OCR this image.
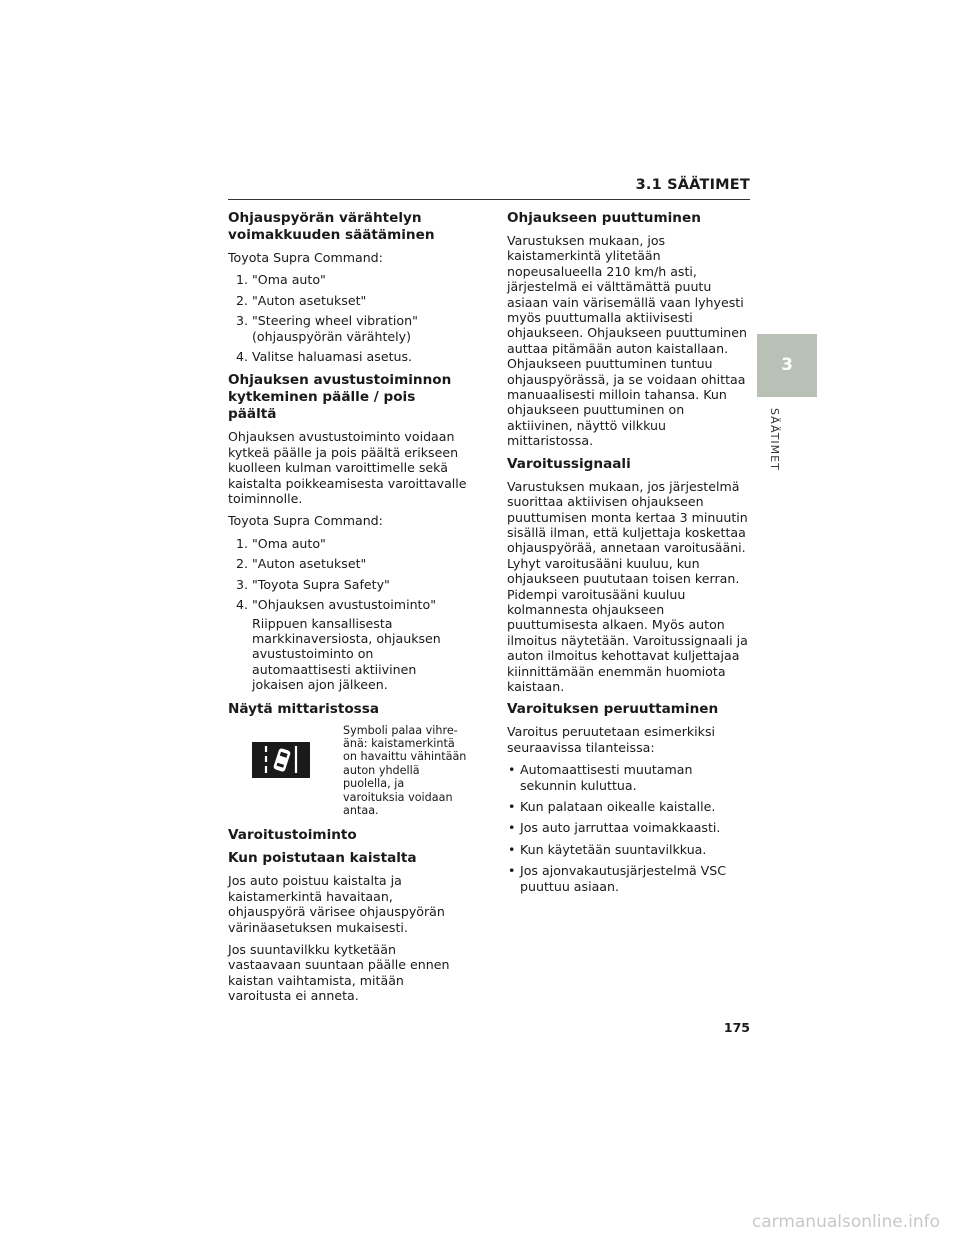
3.1 SÄÄTIMET
Ohjauspyörän värähtelyn voimakkuuden säätäminen

Toyota Supra Command:

1. "Oma auto"
2. "Auton asetukset"
3. "Steering wheel vibration" (ohjauspyörän värähtely)
4. Valitse haluamasi asetus.
Ohjauksen avustustoiminnon kytkeminen päälle / pois päältä

Ohjauksen avustustoiminto voidaan kytkeä päälle ja pois päältä erikseen kuolleen kulman varoittimelle sekä kaistalta poikkeamisesta varoittavalle toiminnolle.

Toyota Supra Command:

1. "Oma auto"
2. "Auton asetukset"
3. "Toyota Supra Safety"
4. "Ohjauksen avustustoiminto"
Riippuen kansallisesta markkinaversiosta, ohjauksen avustustoiminto on automaattisesti aktiivinen jokaisen ajon jälkeen.
Näytä mittaristossa
Symboli palaa vihre-änä: kaistamerkintä on havaittu vähintään auton yhdellä puolella, ja varoituksia voidaan antaa.
Varoitustoiminto
Kun poistutaan kaistalta

Jos auto poistuu kaistalta ja kaistamerkintä havaitaan, ohjauspyörä värisee ohjauspyörän värinäasetuksen mukaisesti.

Jos suuntavilkku kytketään vastaavaan suuntaan päälle ennen kaistan vaihtamista, mitään varoitusta ei anneta.

Ohjaukseen puuttuminen

Varustuksen mukaan, jos kaistamerkintä ylitetään nopeusalueella 210 km/h asti, järjestelmä ei välttämättä puutu asiaan vain värisemällä vaan lyhyesti myös puuttumalla aktiivisesti ohjaukseen. Ohjaukseen puuttuminen auttaa pitämään auton kaistallaan. Ohjaukseen puuttuminen tuntuu ohjauspyörässä, ja se voidaan ohittaa manuaalisesti milloin tahansa. Kun ohjaukseen puuttuminen on aktiivinen, näyttö vilkkuu mittaristossa.

Varoitussignaali

Varustuksen mukaan, jos järjestelmä suorittaa aktiivisen ohjaukseen puuttumisen monta kertaa 3 minuutin sisällä ilman, että kuljettaja koskettaa ohjauspyörää, annetaan varoitusääni. Lyhyt varoitusääni kuuluu, kun ohjaukseen puututaan toisen kerran. Pidempi varoitusääni kuuluu kolmannesta ohjaukseen puuttumisesta alkaen. Myös auton ilmoitus näytetään. Varoitussignaali ja auton ilmoitus kehottavat kuljettajaa kiinnittämään enemmän huomiota kaistaan.

Varoituksen peruuttaminen

Varoitus peruutetaan esimerkiksi seuraavissa tilanteissa:

• Automaattisesti muutaman sekunnin kuluttua.
• Kun palataan oikealle kaistalle.
• Jos auto jarruttaa voimakkaasti.
• Kun käytetään suuntavilkkua.
• Jos ajonvakautusjärjestelmä VSC puuttuu asiaan.
3
SÄÄTIMET
175
carmanualsonline.info
